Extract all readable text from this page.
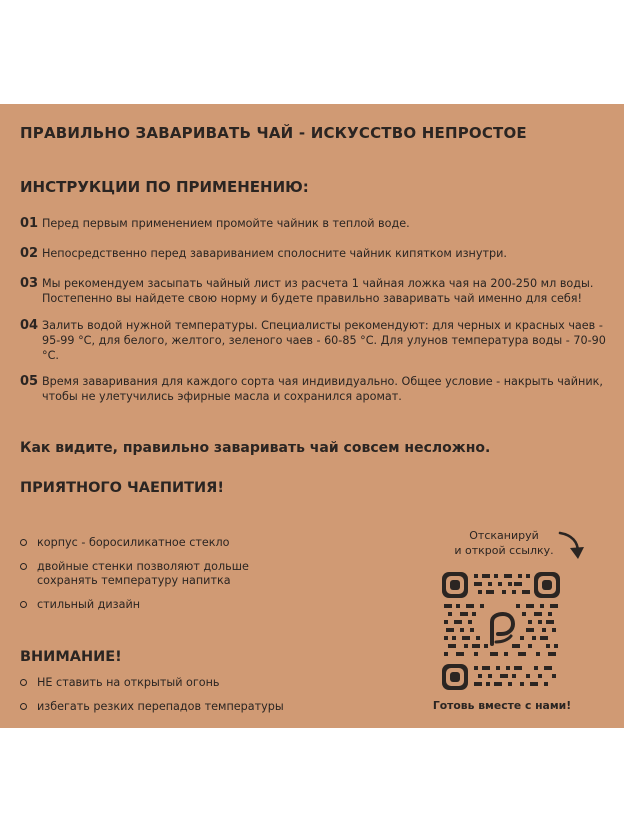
ПРАВИЛЬНО ЗАВАРИВАТЬ ЧАЙ - ИСКУССТВО НЕПРОСТОЕ
ИНСТРУКЦИИ ПО ПРИМЕНЕНИЮ:
01 Перед первым применением промойте чайник в теплой воде.
02 Непосредственно перед завариванием сполосните чайник кипятком изнутри.
03 Мы рекомендуем засыпать чайный лист из расчета 1 чайная ложка чая на 200-250 мл воды. Постепенно вы найдете свою норму и будете правильно заваривать чай именно для себя!
04 Залить водой нужной температуры. Специалисты рекомендуют: для черных и красных чаев - 95-99 °С, для белого, желтого, зеленого чаев - 60-85 °С. Для улунов температура воды - 70-90 °С.
05 Время заваривания для каждого сорта чая индивидуально. Общее условие - накрыть чайник, чтобы не улетучились эфирные масла и сохранился аромат.
Как видите, правильно заваривать чай совсем несложно.
ПРИЯТНОГО ЧАЕПИТИЯ!
корпус - боросиликатное стекло
двойные стенки позволяют дольше сохранять температуру напитка
стильный дизайн
ВНИМАНИЕ!
НЕ ставить на открытый огонь
избегать резких перепадов температуры
Отсканируй
и открой ссылку.
Готовь вместе с нами!
